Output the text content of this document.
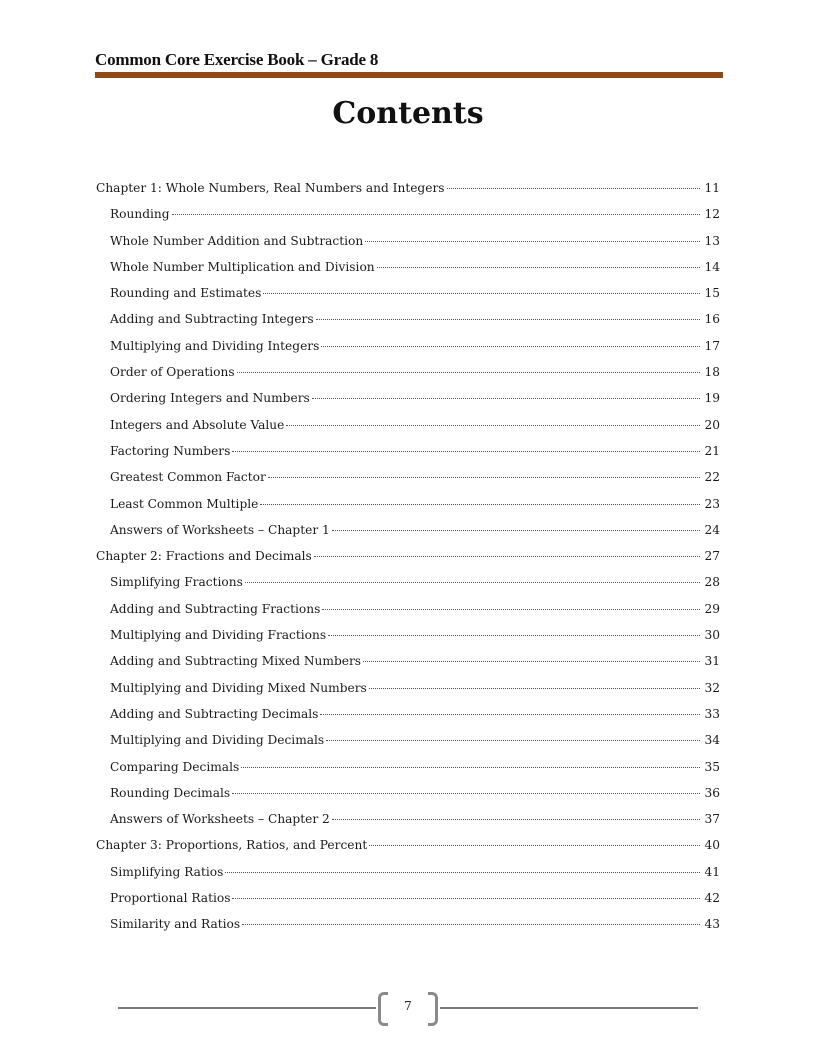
Common Core Exercise Book – Grade 8
Contents
Chapter 1: Whole Numbers, Real Numbers and Integers	11
Rounding	12
Whole Number Addition and Subtraction	13
Whole Number Multiplication and Division	14
Rounding and Estimates	15
Adding and Subtracting Integers	16
Multiplying and Dividing Integers	17
Order of Operations	18
Ordering Integers and Numbers	19
Integers and Absolute Value	20
Factoring Numbers	21
Greatest Common Factor	22
Least Common Multiple	23
Answers of Worksheets – Chapter 1	24
Chapter 2: Fractions and Decimals	27
Simplifying Fractions	28
Adding and Subtracting Fractions	29
Multiplying and Dividing Fractions	30
Adding and Subtracting Mixed Numbers	31
Multiplying and Dividing Mixed Numbers	32
Adding and Subtracting Decimals	33
Multiplying and Dividing Decimals	34
Comparing Decimals	35
Rounding Decimals	36
Answers of Worksheets – Chapter 2	37
Chapter 3: Proportions, Ratios, and Percent	40
Simplifying Ratios	41
Proportional Ratios	42
Similarity and Ratios	43
7
